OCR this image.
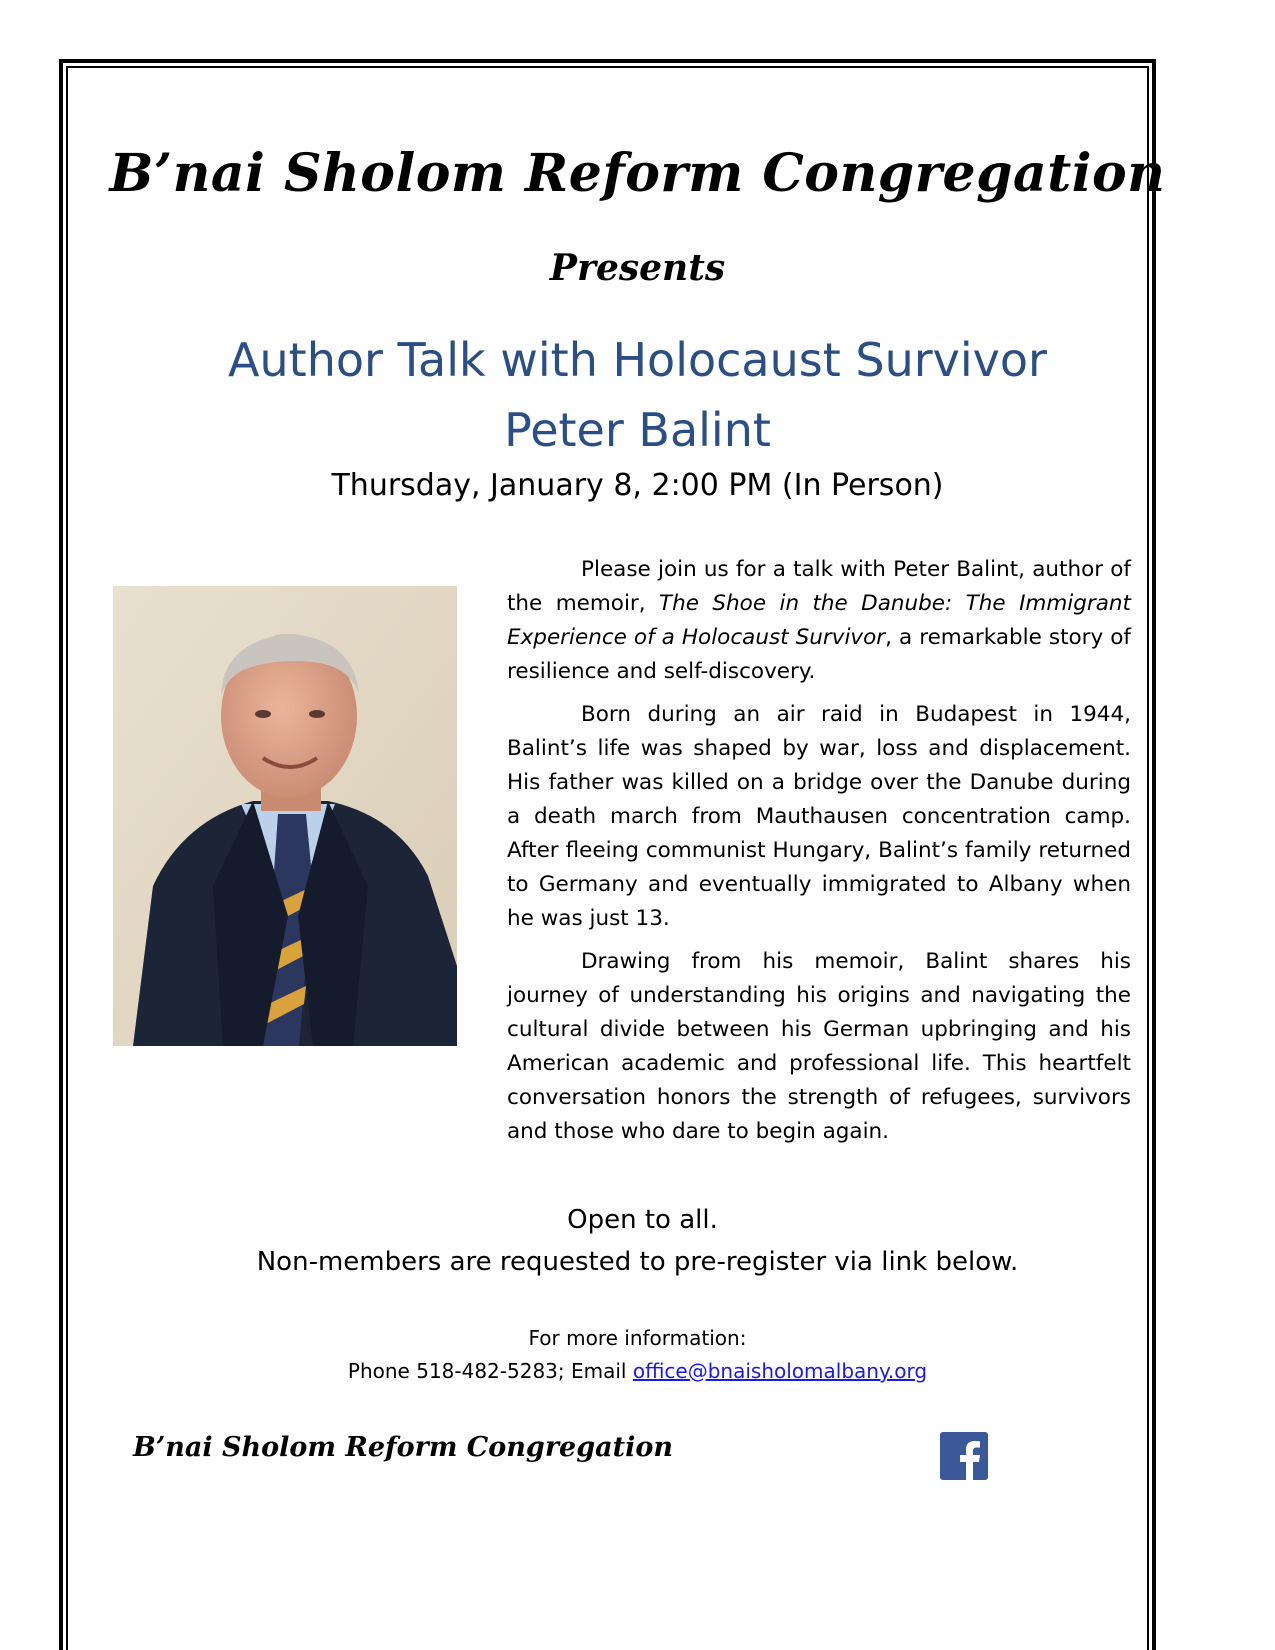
B’nai Sholom Reform Congregation
Presents
Author Talk with Holocaust Survivor
Peter Balint
Thursday, January 8, 2:00 PM (In Person)

Please join us for a talk with Peter Balint, author of the memoir, The Shoe in the Danube: The Immigrant Experience of a Holocaust Survivor, a remarkable story of resilience and self-discovery.

Born during an air raid in Budapest in 1944, Balint’s life was shaped by war, loss and displacement. His father was killed on a bridge over the Danube during a death march from Mauthausen concentration camp. After fleeing communist Hungary, Balint’s family returned to Germany and eventually immigrated to Albany when he was just 13.

Drawing from his memoir, Balint shares his journey of understanding his origins and navigating the cultural divide between his German upbringing and his American academic and professional life. This heartfelt conversation honors the strength of refugees, survivors and those who dare to begin again.

Open to all.
Non-members are requested to pre-register via link below.
For more information:
Phone 518-482-5283; Email office@bnaisholomalbany.org
B’nai Sholom Reform Congregation
